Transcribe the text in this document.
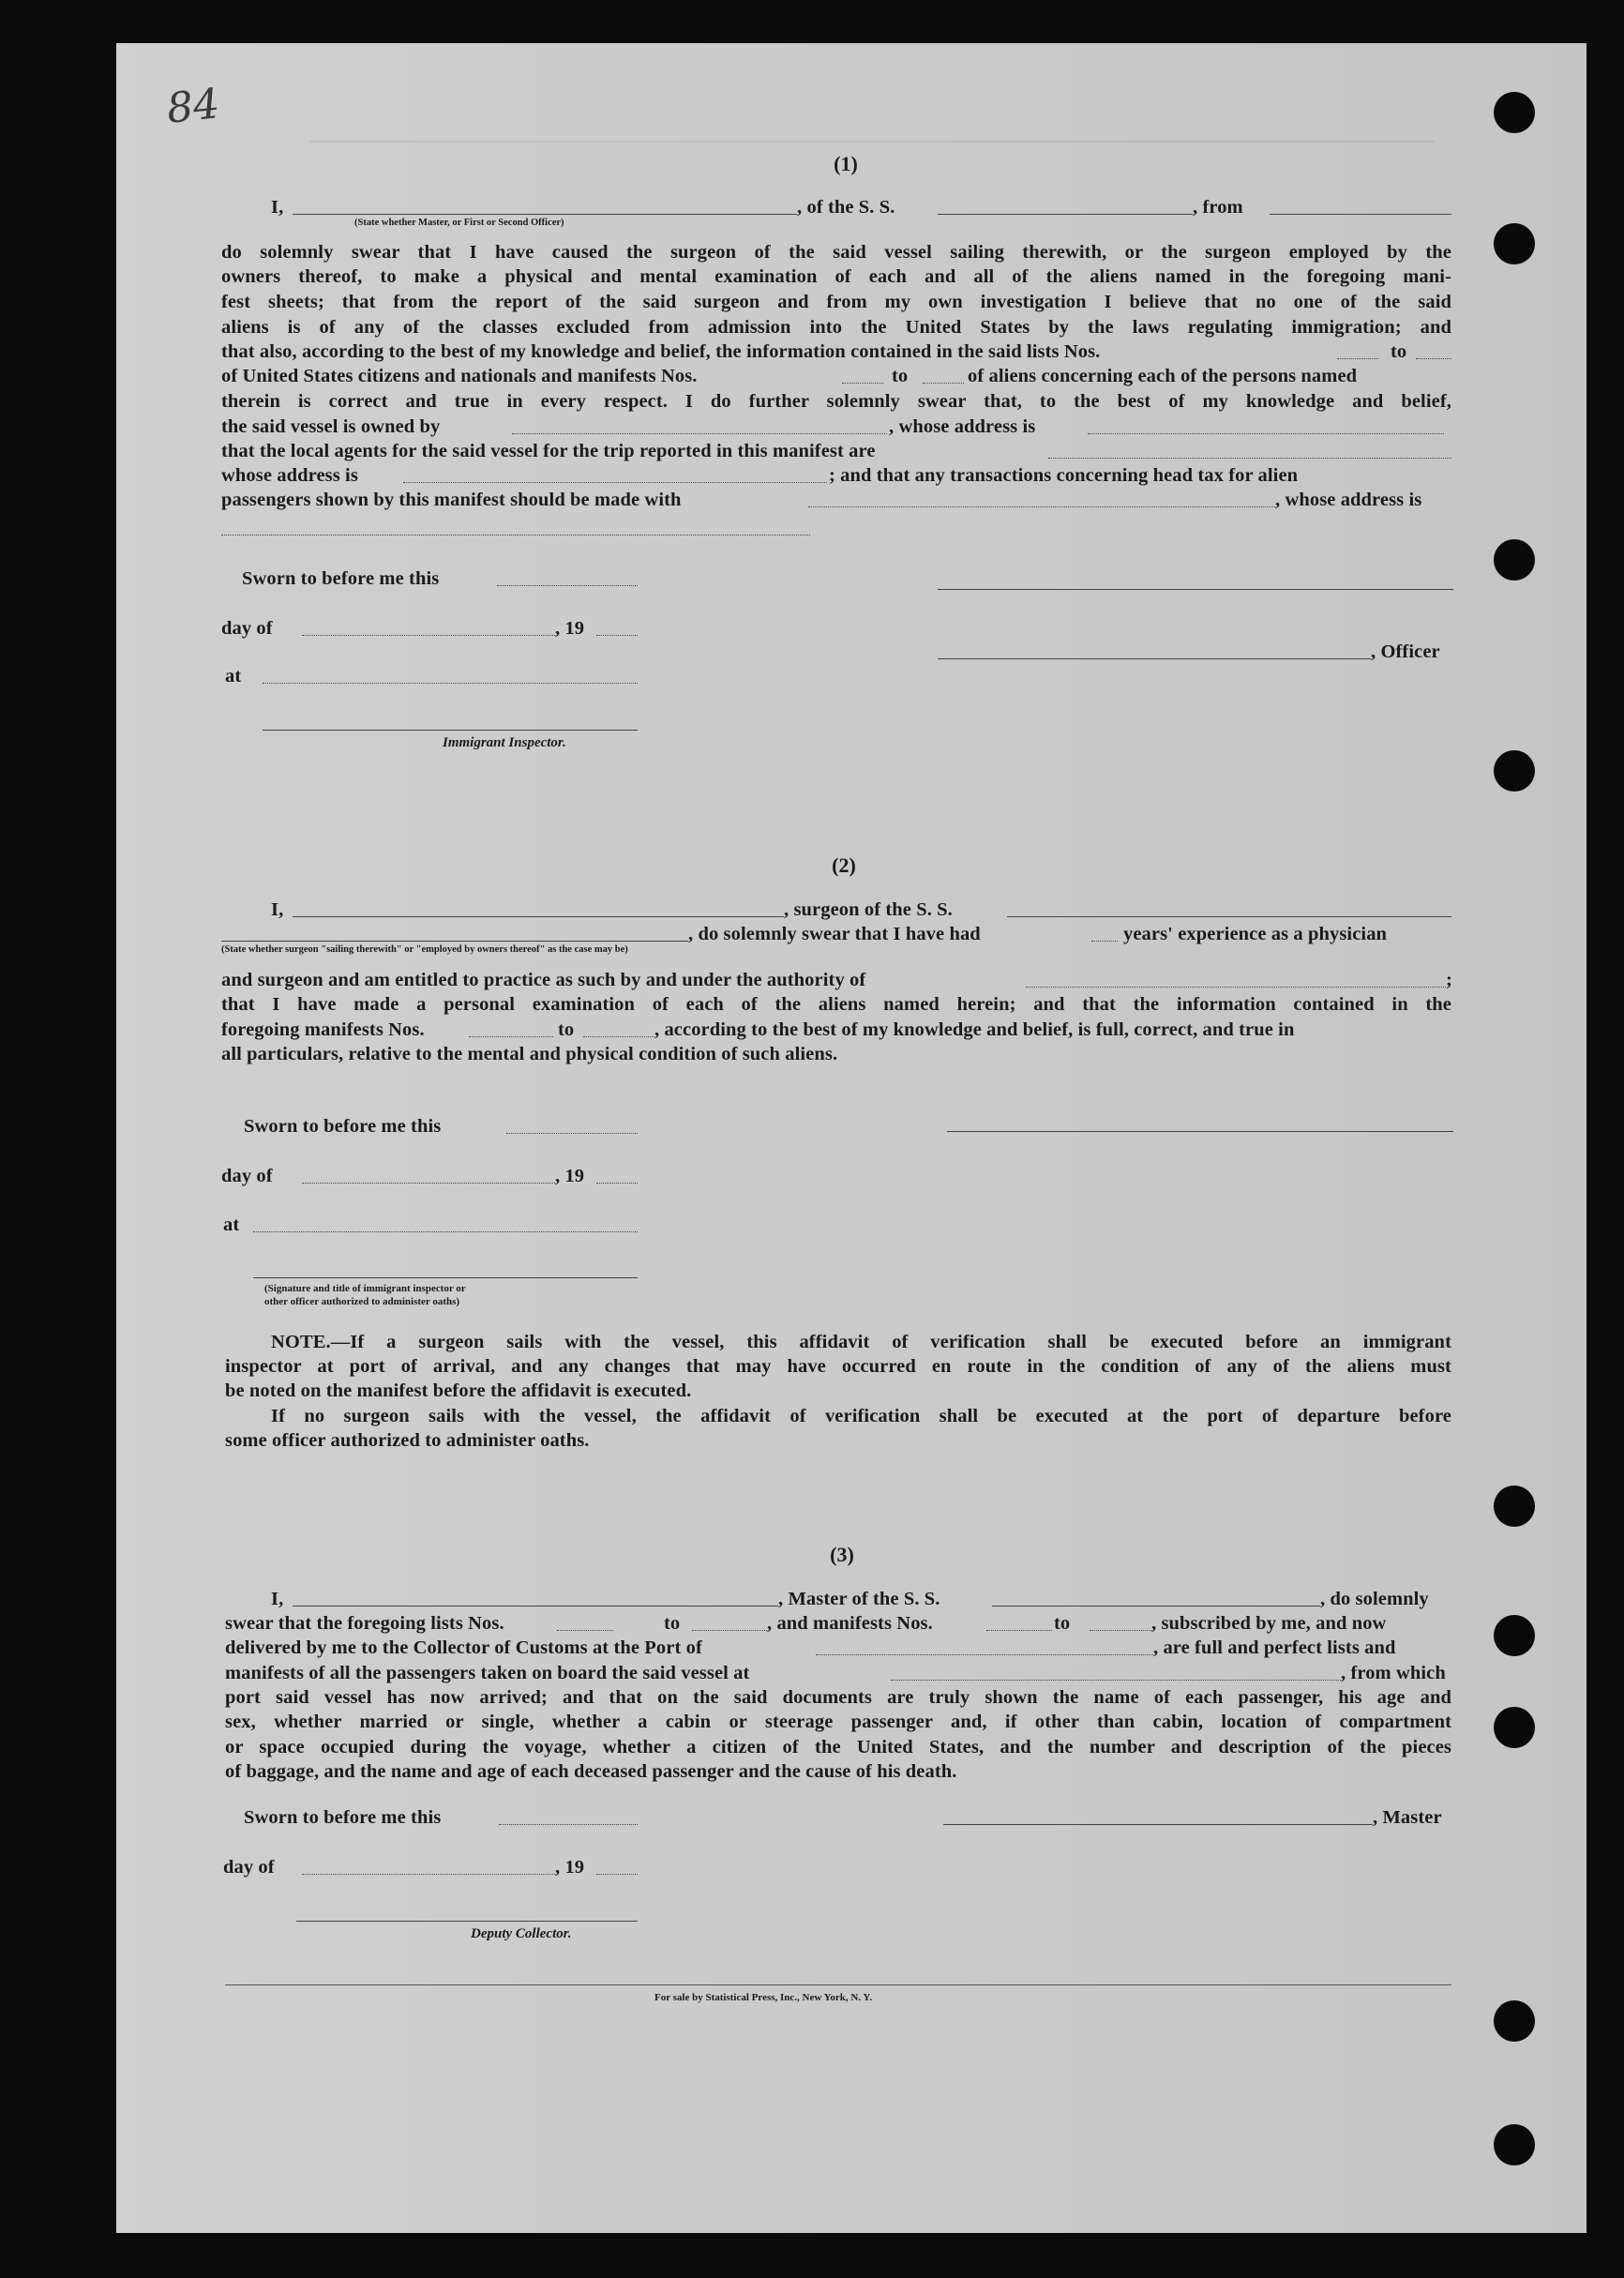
84
(1)
I,	, of the S. S.	, from
(State whether Master, or First or Second Officer)
do solemnly swear that I have caused the surgeon of the said vessel sailing therewith, or the surgeon employed by the
owners thereof, to make a physical and mental examination of each and all of the aliens named in the foregoing mani-
fest sheets; that from the report of the said surgeon and from my own investigation I believe that no one of the said
aliens is of any of the classes excluded from admission into the United States by the laws regulating immigration; and
that also, according to the best of my knowledge and belief, the information contained in the said lists Nos.	to
of United States citizens and nationals and manifests Nos.	to	of aliens concerning each of the persons named
therein is correct and true in every respect. I do further solemnly swear that, to the best of my knowledge and belief,
the said vessel is owned by	, whose address is
that the local agents for the said vessel for the trip reported in this manifest are
whose address is	; and that any transactions concerning head tax for alien
passengers shown by this manifest should be made with	, whose address is
Sworn to before me this
day of	, 19
, Officer
at
Immigrant Inspector.
(2)
I,	, surgeon of the S. S.
, do solemnly swear that I have had	years' experience as a physician
(State whether surgeon "sailing therewith" or "employed by owners thereof" as the case may be)
and surgeon and am entitled to practice as such by and under the authority of	;
that I have made a personal examination of each of the aliens named herein; and that the information contained in the
foregoing manifests Nos.	to	, according to the best of my knowledge and belief, is full, correct, and true in
all particulars, relative to the mental and physical condition of such aliens.
Sworn to before me this
day of	, 19
at
(Signature and title of immigrant inspector or
other officer authorized to administer oaths)
NOTE.—If a surgeon sails with the vessel, this affidavit of verification shall be executed before an immigrant
inspector at port of arrival, and any changes that may have occurred en route in the condition of any of the aliens must
be noted on the manifest before the affidavit is executed.
If no surgeon sails with the vessel, the affidavit of verification shall be executed at the port of departure before
some officer authorized to administer oaths.
(3)
I,	, Master of the S. S.	, do solemnly
swear that the foregoing lists Nos.	to	, and manifests Nos.	to	, subscribed by me, and now
delivered by me to the Collector of Customs at the Port of	, are full and perfect lists and
manifests of all the passengers taken on board the said vessel at	, from which
port said vessel has now arrived; and that on the said documents are truly shown the name of each passenger, his age and
sex, whether married or single, whether a cabin or steerage passenger and, if other than cabin, location of compartment
or space occupied during the voyage, whether a citizen of the United States, and the number and description of the pieces
of baggage, and the name and age of each deceased passenger and the cause of his death.
Sworn to before me this	, Master
day of	, 19
Deputy Collector.
For sale by Statistical Press, Inc., New York, N. Y.
